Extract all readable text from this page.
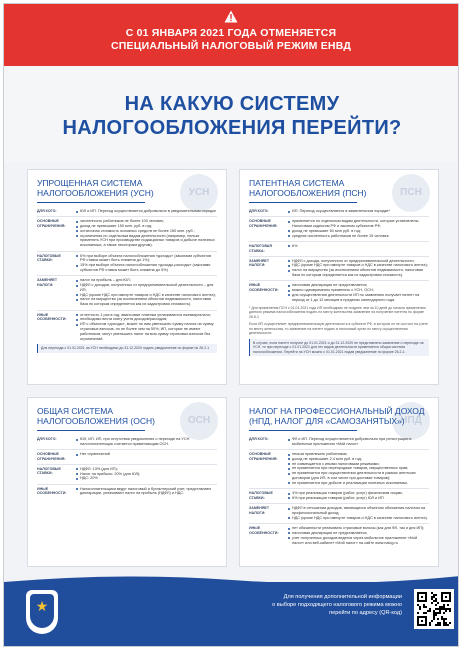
С 01 ЯНВАРЯ 2021 ГОДА ОТМЕНЯЕТСЯ
СПЕЦИАЛЬНЫЙ НАЛОГОВЫЙ РЕЖИМ ЕНВД
НА КАКУЮ СИСТЕМУ
НАЛОГООБЛОЖЕНИЯ ПЕРЕЙТИ?
УСН
УПРОЩЕННАЯ СИСТЕМА
НАЛОГООБЛОЖЕНИЯ (УСН)
ДЛЯ КОГО:	ЮЛ и ИП. Переход осуществляется добровольно в уведомительном порядке
ОСНОВНЫЕ ОГРАНИЧЕНИЯ:
численность работников не более 100 человек;
доход не превышает 150 млн. руб. в год;
остаточная стоимость основных средств не более 150 млн. руб.;
ограничения по отдельным видам деятельности (например, нельзя применять УСН при производстве подакцизных товаров и добыче полезных ископаемых, а также некоторым другим).
НАЛОГОВЫЕ СТАВКИ:
6% при выборе объекта налогообложения «доходы» (законами субъектов РФ ставка может быть снижена до 1%);
15% при выборе объекта налогообложения «доходы-расходы» (законами субъектов РФ ставка может быть снижена до 5%)
ЗАМЕНЯЕТ НАЛОГИ:
налог на прибыль – для ЮЛ;
НДФЛ с доходов, полученных от предпринимательской деятельности – для ИП;
НДС (кроме НДС при импорте товаров и НДС в качестве налогового агента);
налог на имущество (за исключением объектов недвижимости, налоговая база по которым определяется как их кадастровая стоимость).
ИНЫЕ ОСОБЕННОСТИ:
отчетность 1 раз в год, авансовые платежи уплачиваются ежеквартально;
необходимо вести книгу учета доходов/расходов;
ИП с объектом «доходы», может по ним уменьшить сумму налога на сумму страховых взносов, но не более чем на 50%; ИП, которые не имеют работников, могут уменьшить налог на всю сумму страховых взносов без ограничений.
Для перехода с 01.01.2021 на УСН необходимо до 31.12.2020 подать уведомление по форме № 26.2-1
ПСН
ПАТЕНТНАЯ СИСТЕМА
НАЛОГООБЛОЖЕНИЯ (ПСН)
ДЛЯ КОГО:	ИП. Переход осуществляется в заявительном порядке*
ОСНОВНЫЕ ОГРАНИЧЕНИЯ:
применяется по отдельным видам деятельности, которые установлены Налоговым кодексом РФ и законом субъектов РФ;
доход не превышает 60 млн руб. в год;
средняя численность работников не более 15 человек.
НАЛОГОВАЯ СТАВКА:
6%
ЗАМЕНЯЕТ НАЛОГИ:
НДФЛ с дохода, полученного от предпринимательской деятельности;
НДС (кроме НДС при импорте товаров и НДС в качестве налогового агента);
налог на имущество (за исключением объектов недвижимости, налоговая база по которым определяется как их кадастровая стоимость).
ИНЫЕ ОСОБЕННОСТИ:
налоговая декларация не представляется;
можно одновременно применять с УСН, ОСН;
для осуществления деятельности ИП по заявлению получает патент на период от 1 до 12 месяцев в пределах календарного года.
* Для применения ПСН с 01.01.2021 года ИП необходимо не позднее чем за 10 дней до начала применения данного режима налогообложения подать по месту жительства заявление на получение патента по форме 26.5-1
Если ИП осуществляет предпринимательскую деятельность в субъекте РФ, в котором он не состоит на учете по месту жительства, то заявление на патент подать в налоговый орган по месту осуществления деятельности.
В случае, если патент получен до 01.01.2021 и до 31.12.2020 не представлено заявление о переходе на УСН, то при переходе с 01.01.2021 для тех видов деятельности применяется общая система налогообложения. Перейти на УСН можно с 01.01.2021 подав уведомление по форме 26.2-1.
ОСН
ОБЩАЯ СИСТЕМА
НАЛОГООБЛОЖЕНИЯ (ОСН)
ДЛЯ КОГО:	ЮЛ, ИП. ИП, при отсутствии уведомления о переходе на УСН налогоплательщик считается применяющим ОСН.
ОСНОВНЫЕ ОГРАНИЧЕНИЯ:
Нет ограничений
НАЛОГОВЫЕ СТАВКИ:
НДФЛ: 13% (для ИП);
Налог на прибыль: 20% (для ЮЛ);
НДС: 20%
ИНЫЕ ОСОБЕННОСТИ:
Налогоплательщики ведут налоговый и бухгалтерский учет, представляют декларации, уплачивают налог на прибыль (НДФЛ) и НДС.
НПД
НАЛОГ НА ПРОФЕССИОНАЛЬНЫЙ ДОХОД
(НПД, НАЛОГ ДЛЯ «САМОЗАНЯТЫХ»)
ДЛЯ КОГО:	ФЛ и ИП. Переход осуществляется добровольно при регистрации в мобильном приложении «Мой налог»
ОСНОВНЫЕ ОГРАНИЧЕНИЯ:
нельзя привлекать работников;
доход не превышает 2,4 млн руб. в год;
не совмещается с иными налоговыми режимами;
не применяется при перепродаже товаров, имущественных прав;
не применяется при осуществлении деятельности в рамках агентских договоров (для ИП, в том числе при доставке товаров);
не применяется при добыче и реализации полезных ископаемых.
НАЛОГОВЫЕ СТАВКИ:
4% при реализации товаров (работ, услуг) физическим лицам;
6% при реализации товаров (работ, услуг) ЮЛ и ИП
ЗАМЕНЯЕТ НАЛОГИ:
НДФЛ в отношении доходов, являющихся объектом обложения налогом на профессиональный доход;
НДС (кроме НДС при импорте товаров и НДС в качестве налогового агента).
ИНЫЕ ОСОБЕННОСТИ:
нет обязанности уплачивать страховые взносы (как для ФЛ, так и для ИП);
налоговая декларация не представляется;
учет полученных доходов ведется через мобильное приложение «Мой налог» или веб-кабинет «Мой налог» на сайте www.nalog.ru
★
Для получения дополнительной информации
о выборе подходящего налогового режима можно
перейти по адресу (QR-код)
